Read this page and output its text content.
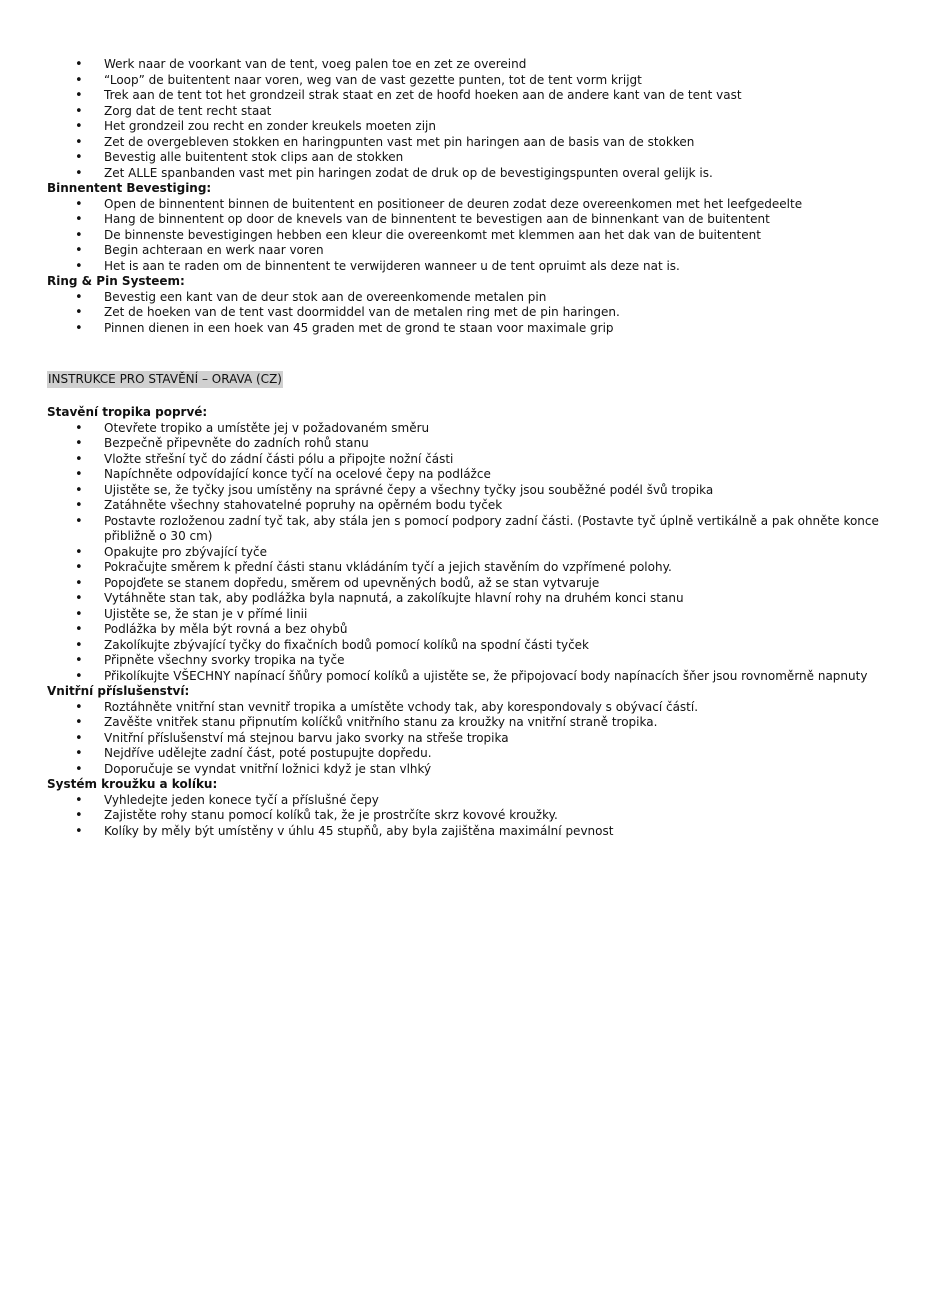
• Werk naar de voorkant van de tent, voeg palen toe en zet ze overeind
• “Loop” de buitentent naar voren, weg van de vast gezette punten, tot de tent vorm krijgt
• Trek aan de tent tot het grondzeil strak staat en zet de hoofd hoeken aan de andere kant van de tent vast
• Zorg dat de tent recht staat
• Het grondzeil zou recht en zonder kreukels moeten zijn
• Zet de overgebleven stokken en haringpunten vast met pin haringen aan de basis van de stokken
• Bevestig alle buitentent stok clips aan de stokken
• Zet ALLE spanbanden vast met pin haringen zodat de druk op de bevestigingspunten overal gelijk is.
Binnentent Bevestiging:
• Open de binnentent binnen de buitentent en positioneer de deuren zodat deze overeenkomen met het leefgedeelte
• Hang de binnentent op door de knevels van de binnentent te bevestigen aan de binnenkant van de buitentent
• De binnenste bevestigingen hebben een kleur die overeenkomt met klemmen aan het dak van de buitentent
• Begin achteraan en werk naar voren
• Het is aan te raden om de binnentent te verwijderen wanneer u de tent opruimt als deze nat is.
Ring & Pin Systeem:
• Bevestig een kant van de deur stok aan de overeenkomende metalen pin
• Zet de hoeken van de tent vast doormiddel van de metalen ring met de pin haringen.
• Pinnen dienen in een hoek van 45 graden met de grond te staan voor maximale grip
INSTRUKCE PRO STAVĚNÍ – ORAVA (CZ)
Stavění tropika poprvé:
• Otevřete tropiko a umístěte jej v požadovaném směru
• Bezpečně připevněte do zadních rohů stanu
• Vložte střešní tyč do zádní části pólu a připojte nožní části
• Napíchněte odpovídající konce tyčí na ocelové čepy na podlážce
• Ujistěte se, že tyčky jsou umístěny na správné čepy a všechny tyčky jsou souběžné podél švů tropika
• Zatáhněte všechny stahovatelné popruhy na opěrném bodu tyček
• Postavte rozloženou zadní tyč tak, aby stála jen s pomocí podpory zadní části. (Postavte tyč úplně vertikálně a pak ohněte konce přibližně o 30 cm)
• Opakujte pro zbývající tyče
• Pokračujte směrem k přední části stanu vkládáním tyčí a jejich stavěním do vzpřímené polohy.
• Popojďete se stanem dopředu, směrem od upevněných bodů, až se stan vytvaruje
• Vytáhněte stan tak, aby podlážka byla napnutá, a zakolíkujte hlavní rohy na druhém konci stanu
• Ujistěte se, že stan je v přímé linii
• Podlážka by měla být rovná a bez ohybů
• Zakolíkujte zbývající tyčky do fixačních bodů pomocí kolíků na spodní části tyček
• Připněte všechny svorky tropika na tyče
• Přikolíkujte VŠECHNY napínací šňůry pomocí kolíků a ujistěte se, že připojovací body napínacích šňer jsou rovnoměrně napnuty
Vnitřní příslušenství:
• Roztáhněte vnitřní stan vevnitř tropika a umístěte vchody tak, aby korespondovaly s obývací částí.
• Zavěšte vnitřek stanu připnutím kolíčků vnitřního stanu za kroužky na vnitřní straně tropika.
• Vnitřní příslušenství má stejnou barvu jako svorky na střeše tropika
• Nejdříve udělejte zadní část, poté postupujte dopředu.
• Doporučuje se vyndat vnitřní ložnici když je stan vlhký
Systém kroužku a kolíku:
• Vyhledejte jeden konece tyčí a příslušné čepy
• Zajistěte rohy stanu pomocí kolíků tak, že je prostrčíte skrz kovové kroužky.
• Kolíky by měly být umístěny v úhlu 45 stupňů, aby byla zajištěna maximální pevnost
